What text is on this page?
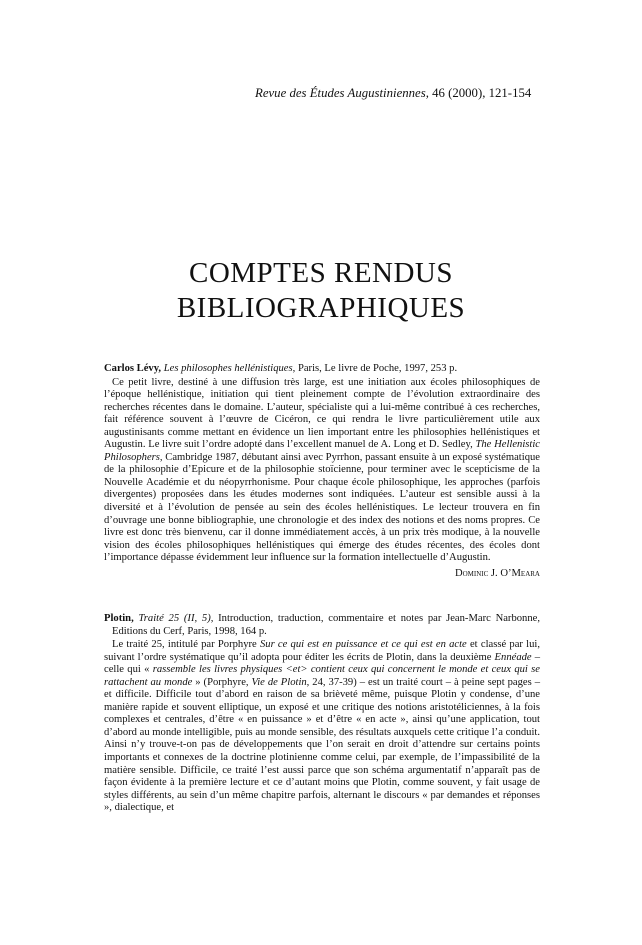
Revue des Études Augustiniennes, 46 (2000), 121-154
COMPTES RENDUS
BIBLIOGRAPHIQUES

Carlos Lévy, Les philosophes hellénistiques, Paris, Le livre de Poche, 1997, 253 p.

Ce petit livre, destiné à une diffusion très large, est une initiation aux écoles philosophiques de l’époque hellénistique, initiation qui tient pleinement compte de l’évolution extraordinaire des recherches récentes dans le domaine. L’auteur, spécialiste qui a lui-même contribué à ces recherches, fait référence souvent à l’œuvre de Cicéron, ce qui rendra le livre particulièrement utile aux augustinisants comme mettant en évidence un lien important entre les philosophies hellénistiques et Augustin. Le livre suit l’ordre adopté dans l’excellent manuel de A. Long et D. Sedley, The Hellenistic Philosophers, Cambridge 1987, débutant ainsi avec Pyrrhon, passant ensuite à un exposé systématique de la philosophie d’Epicure et de la philosophie stoïcienne, pour terminer avec le scepticisme de la Nouvelle Académie et du néopyrrhonisme. Pour chaque école philosophique, les approches (parfois divergentes) proposées dans les études modernes sont indiquées. L’auteur est sensible aussi à la diversité et à l’évolution de pensée au sein des écoles hellénistiques. Le lecteur trouvera en fin d’ouvrage une bonne bibliographie, une chronologie et des index des notions et des noms propres. Ce livre est donc très bienvenu, car il donne immédiatement accès, à un prix très modique, à la nouvelle vision des écoles philosophiques hellénistiques qui émerge des études récentes, des écoles dont l’importance dépasse évidemment leur influence sur la formation intellectuelle d’Augustin.

Dominic J. O’Meara

Plotin, Traité 25 (II, 5), Introduction, traduction, commentaire et notes par Jean-Marc Narbonne, Editions du Cerf, Paris, 1998, 164 p.

Le traité 25, intitulé par Porphyre Sur ce qui est en puissance et ce qui est en acte et classé par lui, suivant l’ordre systématique qu’il adopta pour éditer les écrits de Plotin, dans la deuxième Ennéade – celle qui « rassemble les livres physiques <et> contient ceux qui concernent le monde et ceux qui se rattachent au monde » (Porphyre, Vie de Plotin, 24, 37-39) – est un traité court – à peine sept pages – et difficile. Difficile tout d’abord en raison de sa brièveté même, puisque Plotin y condense, d’une manière rapide et souvent elliptique, un exposé et une critique des notions aristotéliciennes, à la fois complexes et centrales, d’être « en puissance » et d’être « en acte », ainsi qu’une application, tout d’abord au monde intelligible, puis au monde sensible, des résultats auxquels cette critique l’a conduit. Ainsi n’y trouve-t-on pas de développements que l’on serait en droit d’attendre sur certains points importants et connexes de la doctrine plotinienne comme celui, par exemple, de l’impassibilité de la matière sensible. Difficile, ce traité l’est aussi parce que son schéma argumentatif n’apparaît pas de façon évidente à la première lecture et ce d’autant moins que Plotin, comme souvent, y fait usage de styles différents, au sein d’un même chapitre parfois, alternant le discours « par demandes et réponses », dialectique, et
